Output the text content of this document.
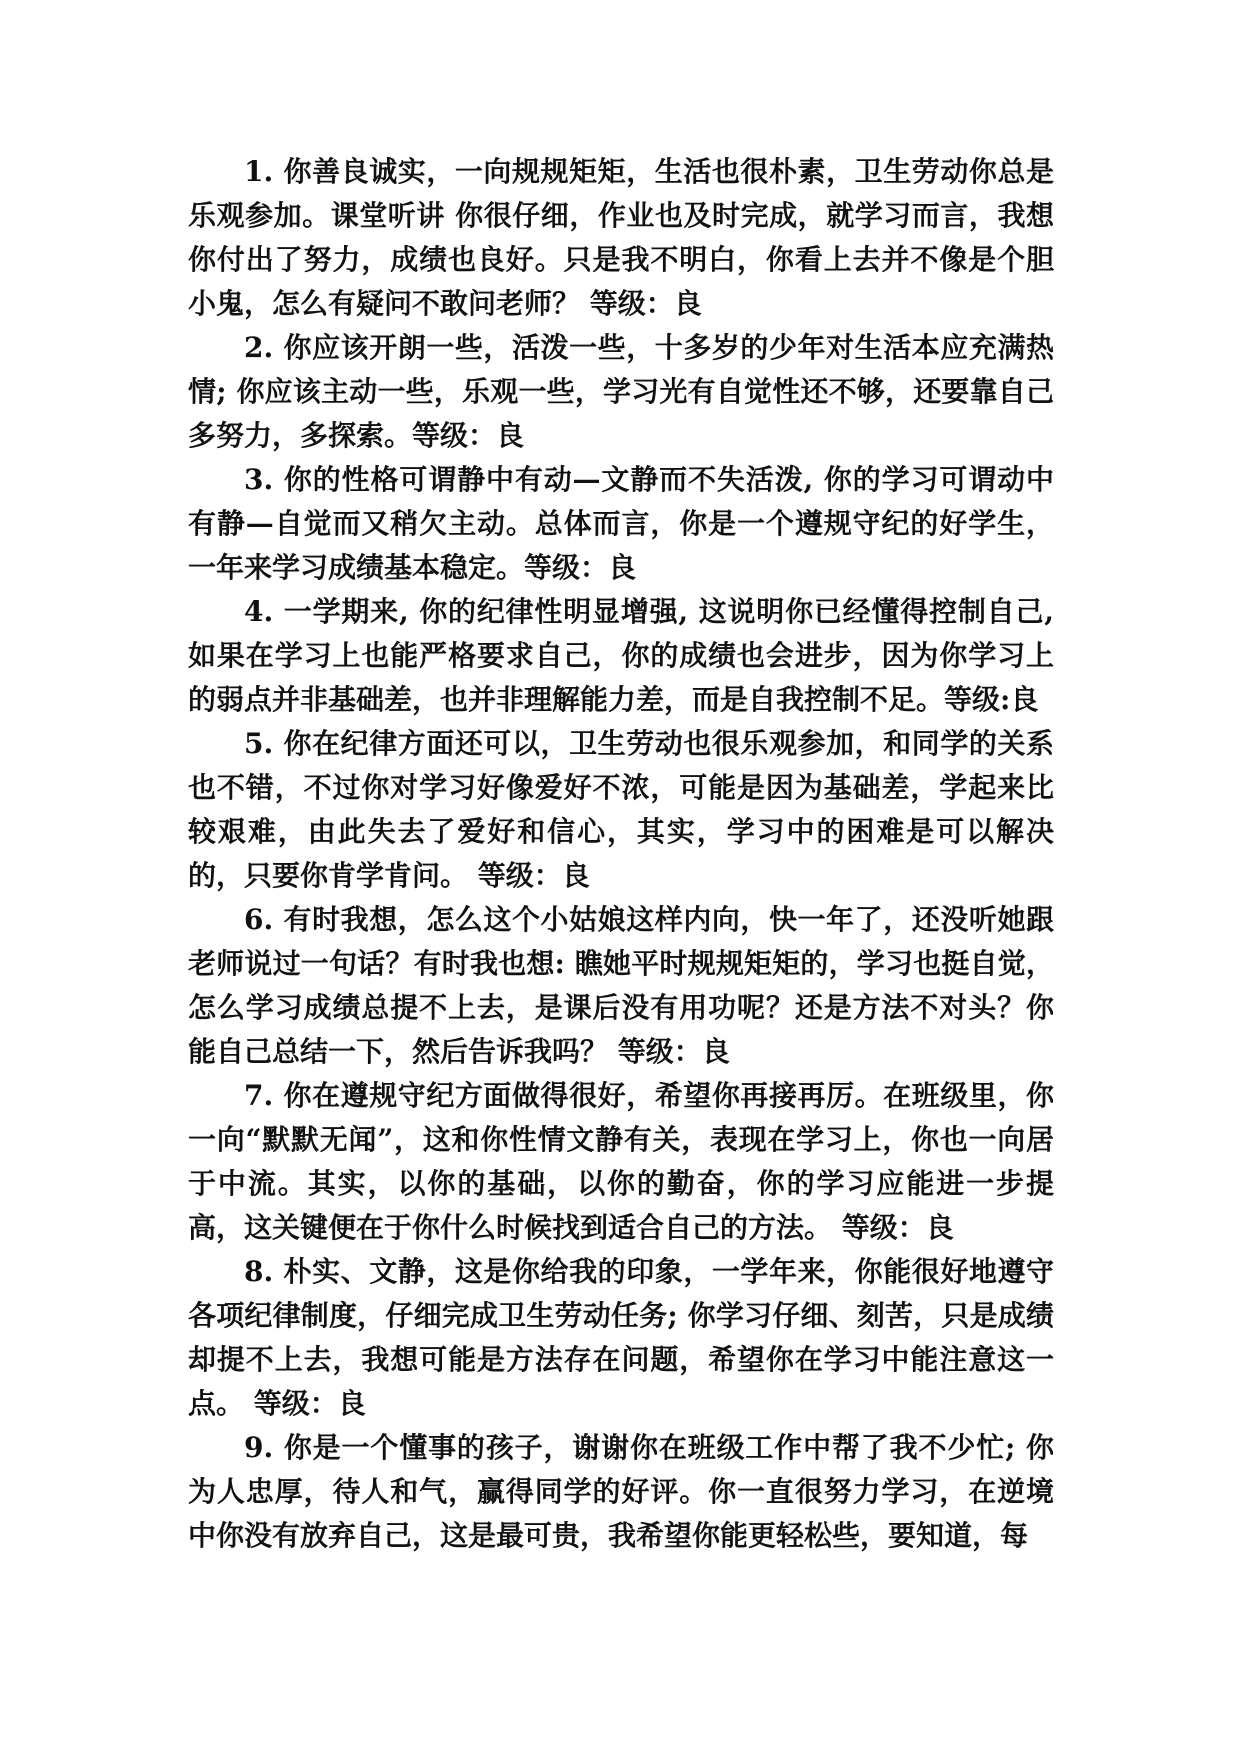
1. 你善良诚实，一向规规矩矩，生活也很朴素，卫生劳动你总是乐观参加。课堂听讲 你很仔细，作业也及时完成，就学习而言，我想你付出了努力，成绩也良好。只是我不明白，你看上去并不像是个胆小鬼，怎么有疑问不敢问老师？ 等级：良

2. 你应该开朗一些，活泼一些，十多岁的少年对生活本应充满热情; 你应该主动一些，乐观一些，学习光有自觉性还不够，还要靠自己多努力，多探索。等级：良

3. 你的性格可谓静中有动—文静而不失活泼, 你的学习可谓动中有静—自觉而又稍欠主动。总体而言，你是一个遵规守纪的好学生，一年来学习成绩基本稳定。等级：良

4. 一学期来, 你的纪律性明显增强, 这说明你已经懂得控制自己,如果在学习上也能严格要求自己，你的成绩也会进步，因为你学习上的弱点并非基础差，也并非理解能力差，而是自我控制不足。等级:良

5. 你在纪律方面还可以，卫生劳动也很乐观参加，和同学的关系也不错，不过你对学习好像爱好不浓，可能是因为基础差，学起来比较艰难，由此失去了爱好和信心，其实，学习中的困难是可以解决的，只要你肯学肯问。 等级：良

6. 有时我想，怎么这个小姑娘这样内向，快一年了，还没听她跟老师说过一句话？有时我也想: 瞧她平时规规矩矩的，学习也挺自觉，怎么学习成绩总提不上去，是课后没有用功呢？还是方法不对头？你能自己总结一下，然后告诉我吗？ 等级：良

7. 你在遵规守纪方面做得很好，希望你再接再厉。在班级里，你一向“默默无闻”，这和你性情文静有关，表现在学习上，你也一向居于中流。其实，以你的基础，以你的勤奋，你的学习应能进一步提高，这关键便在于你什么时候找到适合自己的方法。 等级：良

8. 朴实、文静，这是你给我的印象，一学年来，你能很好地遵守各项纪律制度，仔细完成卫生劳动任务; 你学习仔细、刻苦，只是成绩却提不上去，我想可能是方法存在问题，希望你在学习中能注意这一点。 等级：良

9. 你是一个懂事的孩子，谢谢你在班级工作中帮了我不少忙; 你为人忠厚，待人和气，赢得同学的好评。你一直很努力学习，在逆境中你没有放弃自己，这是最可贵，我希望你能更轻松些，要知道，每
